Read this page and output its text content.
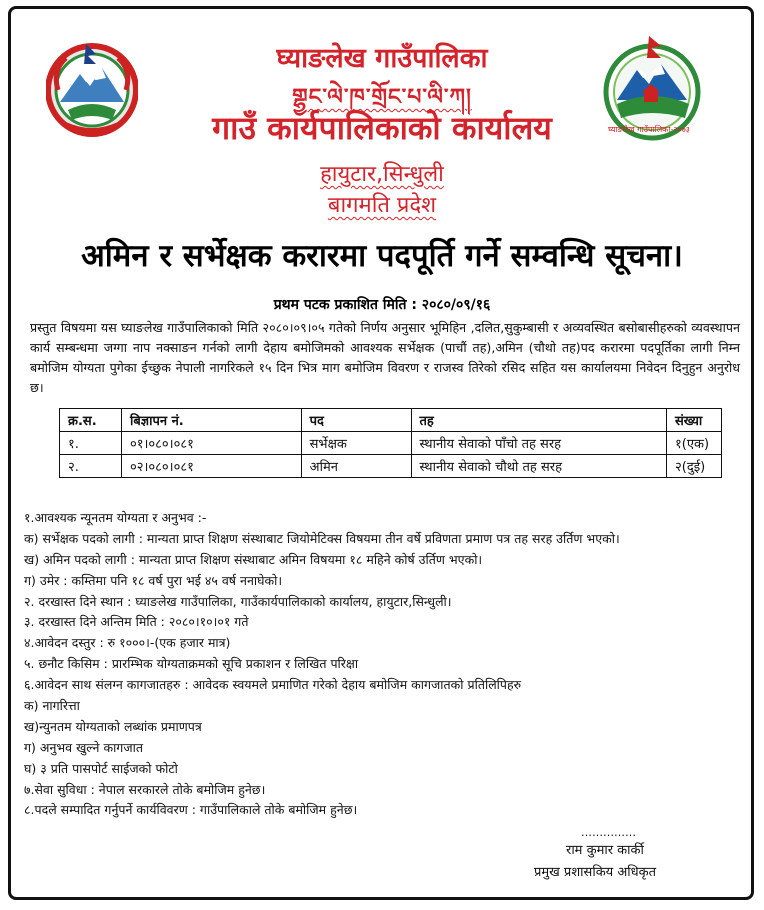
घ्याङलेख गाउँपालिका-२०७३
घ्याङलेख गाउँपालिका
གྷྱང་ལེ་ཁ་གྲོང་པ་ལི་ཀ།
गाउँ कार्यपालिकाको कार्यालय
हायुटार,सिन्धुली
बागमति प्रदेश
अमिन र सर्भेक्षक करारमा पदपूर्ति गर्ने सम्वन्धि सूचना।
प्रथम पटक प्रकाशित मिति : २०८०/०९/१६
प्रस्तुत विषयमा यस घ्याङलेख गाउँपालिकाको मिति २०८०।०९।०५ गतेको निर्णय अनुसार भूमिहिन ,दलित,सुकुम्बासी र अव्यवस्थित बसोबासीहरुको व्यवस्थापन कार्य सम्बन्धमा जग्गा नाप नक्साङन गर्नको लागी देहाय बमोजिमको आवश्यक सर्भेक्षक (पाचौं तह),अमिन (चौथो तह)पद करारमा पदपूर्तिका लागी निम्न बमोजिम योग्यता पुगेका ईच्छुक नेपाली नागरिकले १५ दिन भित्र माग बमोजिम विवरण र राजस्व तिरेको रसिद सहित यस कार्यालयमा निवेदन दिनुहुन अनुरोध छ।
क्र.स.	बिज्ञापन नं.	पद	तह	संख्या
१.	०१।०८०।०८१	सर्भेक्षक	स्थानीय सेवाको पाँचो तह सरह	१(एक)
२.	०२।०८०।०८१	अमिन	स्थानीय सेवाको चौथो तह सरह	२(दुई)
१.आवश्यक न्यूनतम योग्यता र अनुभव :-
क) सर्भेक्षक पदको लागी : मान्यता प्राप्त शिक्षण संस्थाबाट जियोमेटिक्स विषयमा तीन वर्षे प्रविणता प्रमाण पत्र तह सरह उर्तिण भएको।
ख) अमिन पदको लागी : मान्यता प्राप्त शिक्षण संस्थाबाट अमिन विषयमा १८ महिने कोर्ष उर्तिण भएको।
ग) उमेर : कम्तिमा पनि १८ वर्ष पुरा भई ४५ वर्ष ननाघेको।
२. दरखास्त दिने स्थान : घ्याङलेख गाउँपालिका, गाउँकार्यपालिकाको कार्यालय, हायुटार,सिन्धुली।
३. दरखास्त दिने अन्तिम मिति : २०८०।१०।०१ गते
४.आवेदन दस्तुर : रु १०००।-(एक हजार मात्र)
५. छनौट किसिम : प्रारम्भिक योग्यताक्रमको सूचि प्रकाशन र लिखित परिक्षा
६.आवेदन साथ संलग्न कागजातहरु : आवेदक स्वयमले प्रमाणित गरेको देहाय बमोजिम कागजातको प्रतिलिपिहरु
क) नागरित्ता
ख)न्युनतम योग्यताको लब्धांक प्रमाणपत्र
ग) अनुभव खुल्ने कागजात
घ) ३ प्रति पासपोर्ट साईजको फोटो
७.सेवा सुविधा : नेपाल सरकारले तोके बमोजिम हुनेछ।
८.पदले सम्पादित गर्नुपर्ने कार्यविवरण : गाउँपालिकाले तोके बमोजिम हुनेछ।
……………
राम कुमार कार्की
प्रमुख प्रशासकिय अधिकृत
